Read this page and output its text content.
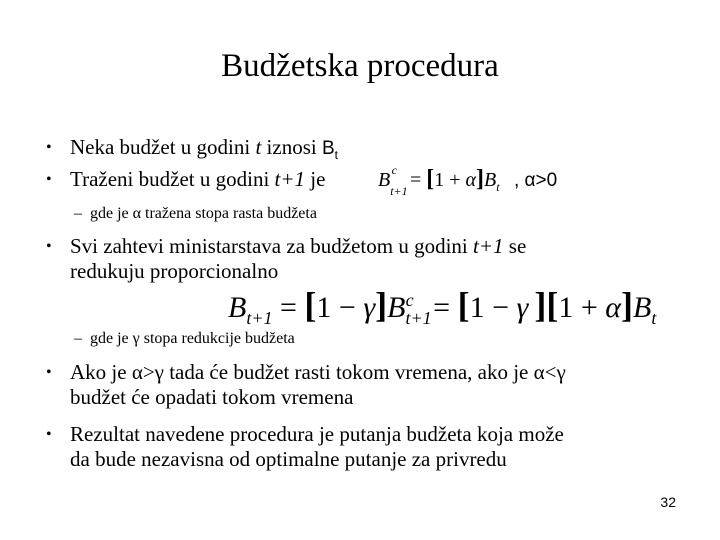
Budžetska procedura
• Neka budžet u godini t iznosi $B_t$
• Traženi budžet u godini t+1 je	$B_{t+1}^c = [1 + \alpha]B_t$ , α>0
– gde je α tražena stopa rasta budžeta
• Svi zahtevi ministarstava za budžetom u godini t+1 se
redukuju proporcionalno
$B_{t+1} = [1 - \gamma]B_{t+1}^c = [1 - \gamma$ ]$[1 + \alpha]B_t$
– gde je γ stopa redukcije budžeta
• Ako je α>γ tada će budžet rasti tokom vremena, ako je α<γ
budžet će opadati tokom vremena
• Rezultat navedene procedura je putanja budžeta koja može
da bude nezavisna od optimalne putanje za privredu
32
